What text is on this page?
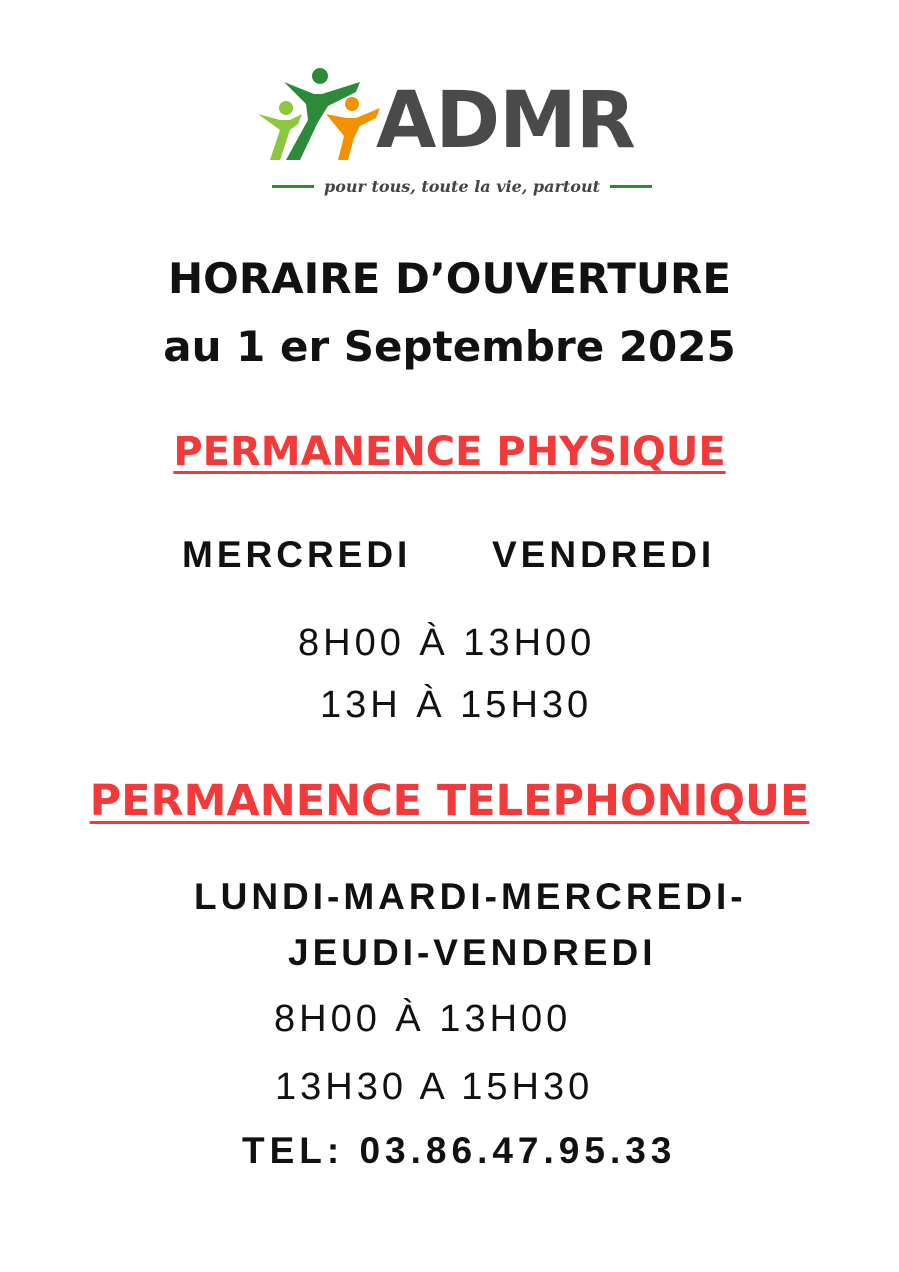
ADMR
pour tous, toute la vie, partout
HORAIRE D’OUVERTURE
au 1 er Septembre 2025
PERMANENCE PHYSIQUE
MERCREDI VENDREDI
8H00 À 13H00
13H À 15H30
PERMANENCE TELEPHONIQUE
LUNDI-MARDI-MERCREDI-
JEUDI-VENDREDI
8H00 À 13H00
13H30 A 15H30
TEL: 03.86.47.95.33
